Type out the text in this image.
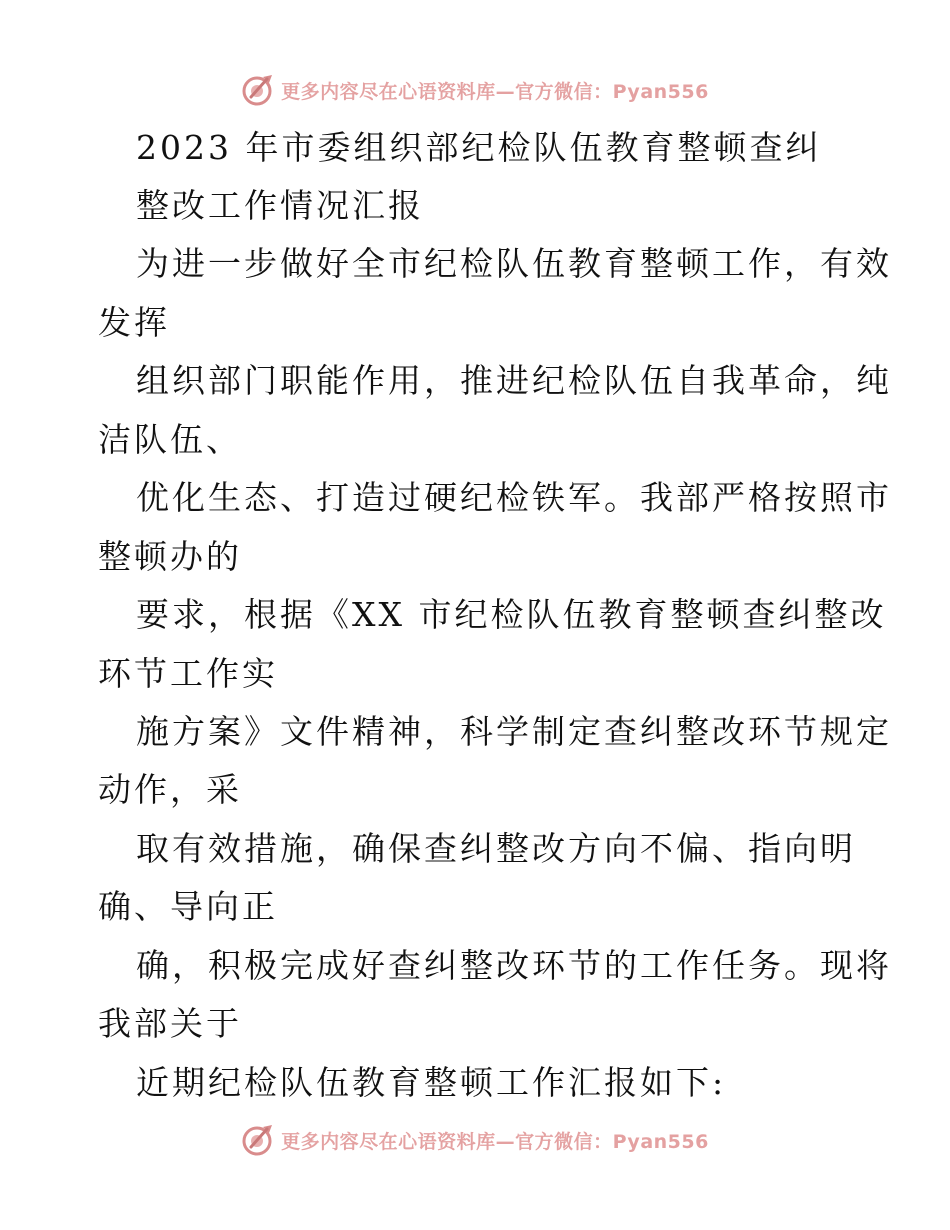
更多内容尽在心语资料库—官方微信：Pyan556
2023 年市委组织部纪检队伍教育整顿查纠
整改工作情况汇报
为进一步做好全市纪检队伍教育整顿工作，有效
发挥
组织部门职能作用，推进纪检队伍自我革命，纯
洁队伍、
优化生态、打造过硬纪检铁军。我部严格按照市
整顿办的
要求，根据《XX 市纪检队伍教育整顿查纠整改
环节工作实
施方案》文件精神，科学制定查纠整改环节规定
动作，采
取有效措施，确保查纠整改方向不偏、指向明
确、导向正
确，积极完成好查纠整改环节的工作任务。现将
我部关于
近期纪检队伍教育整顿工作汇报如下:
更多内容尽在心语资料库—官方微信：Pyan556
